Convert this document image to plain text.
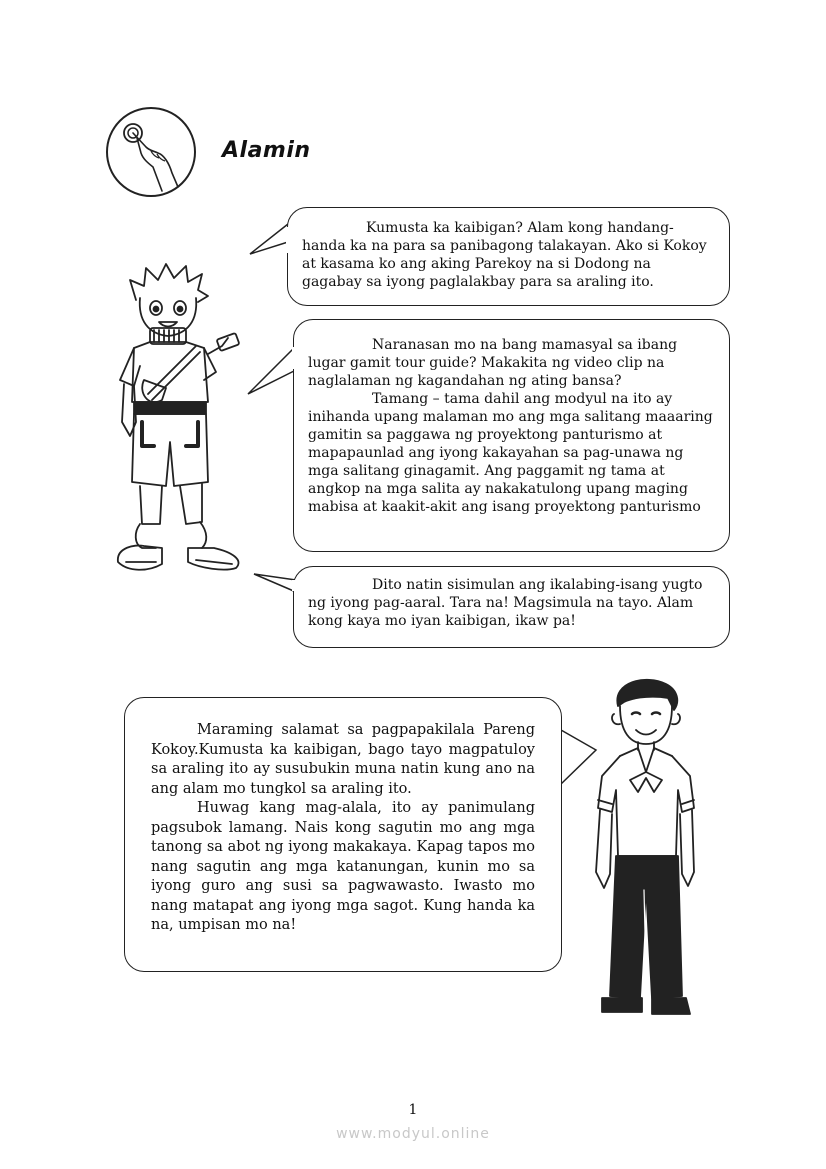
Alamin

Kumusta ka kaibigan? Alam kong handang-handa ka na para sa panibagong talakayan. Ako si Kokoy at kasama ko ang aking Parekoy na si Dodong na gagabay sa iyong paglalakbay para sa araling ito.

Naranasan mo na bang mamasyal sa ibang lugar gamit tour guide? Makakita ng video clip na naglalaman ng kagandahan ng ating bansa?

Tamang – tama dahil ang modyul na ito ay inihanda upang malaman mo ang mga salitang maaaring gamitin sa paggawa ng proyektong panturismo at mapapaunlad ang iyong kakayahan sa pag-unawa ng mga salitang ginagamit. Ang paggamit ng tama at angkop na mga salita ay nakakatulong upang maging mabisa at kaakit-akit ang isang proyektong panturismo

Dito natin sisimulan ang ikalabing-isang yugto ng iyong pag-aaral. Tara na! Magsimula na tayo. Alam kong kaya mo iyan kaibigan, ikaw pa!

Maraming salamat sa pagpapakilala Pareng Kokoy.Kumusta ka kaibigan, bago tayo magpatuloy sa araling ito ay susubukin muna natin kung ano na ang alam mo tungkol sa araling ito.

Huwag kang mag-alala, ito ay panimulang pagsubok lamang. Nais kong sagutin mo ang mga tanong sa abot ng iyong makakaya. Kapag tapos mo nang sagutin ang mga katanungan, kunin mo sa iyong guro ang susi sa pagwawasto. Iwasto mo nang matapat ang iyong mga sagot. Kung handa ka na, umpisan mo na!

1
www.modyul.online
